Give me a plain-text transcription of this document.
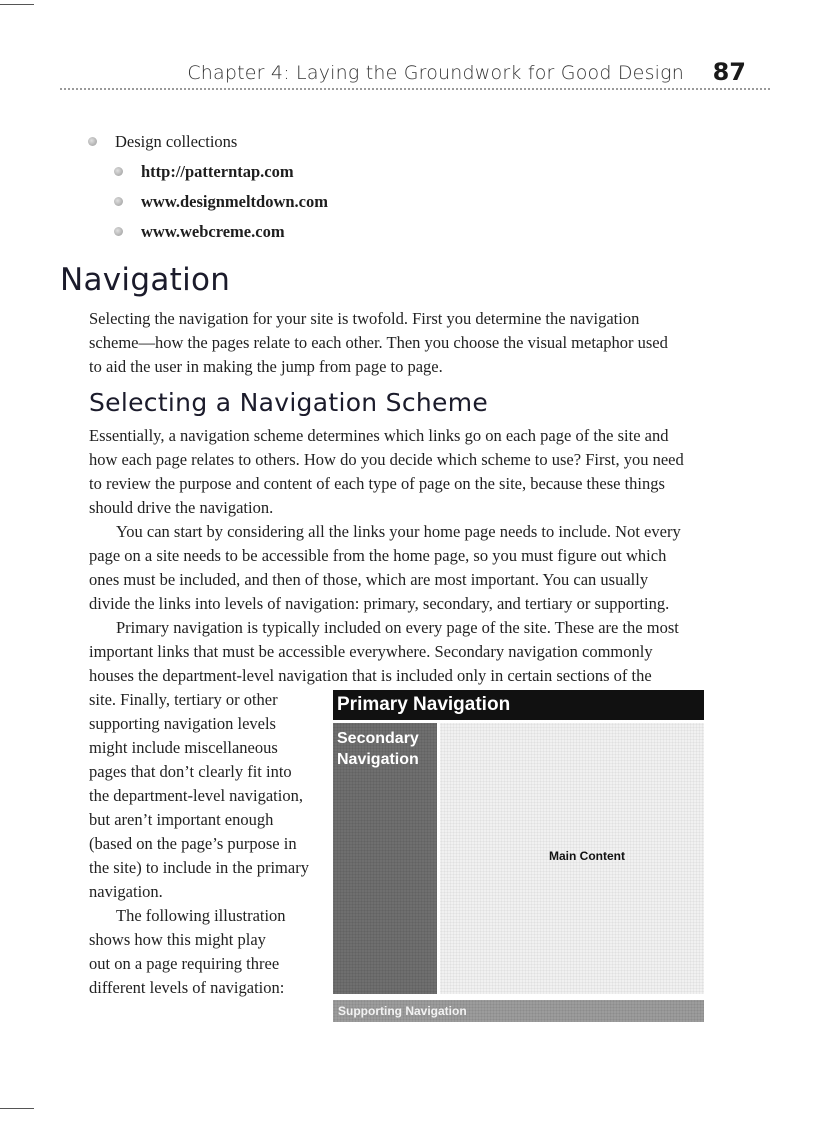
Chapter 4: Laying the Groundwork for Good Design 87
Design collections
http://patterntap.com
www.designmeltdown.com
www.webcreme.com
Navigation
Selecting the navigation for your site is twofold. First you determine the navigation
scheme—how the pages relate to each other. Then you choose the visual metaphor used
to aid the user in making the jump from page to page.
Selecting a Navigation Scheme
Essentially, a navigation scheme determines which links go on each page of the site and
how each page relates to others. How do you decide which scheme to use? First, you need
to review the purpose and content of each type of page on the site, because these things
should drive the navigation.
You can start by considering all the links your home page needs to include. Not every
page on a site needs to be accessible from the home page, so you must figure out which
ones must be included, and then of those, which are most important. You can usually
divide the links into levels of navigation: primary, secondary, and tertiary or supporting.
Primary navigation is typically included on every page of the site. These are the most
important links that must be accessible everywhere. Secondary navigation commonly
houses the department-level navigation that is included only in certain sections of the
site. Finally, tertiary or other
supporting navigation levels
might include miscellaneous
pages that don’t clearly fit into
the department-level navigation,
but aren’t important enough
(based on the page’s purpose in
the site) to include in the primary
navigation.
The following illustration
shows how this might play
out on a page requiring three
different levels of navigation:
Primary Navigation
Secondary
Navigation
Main Content
Supporting Navigation
